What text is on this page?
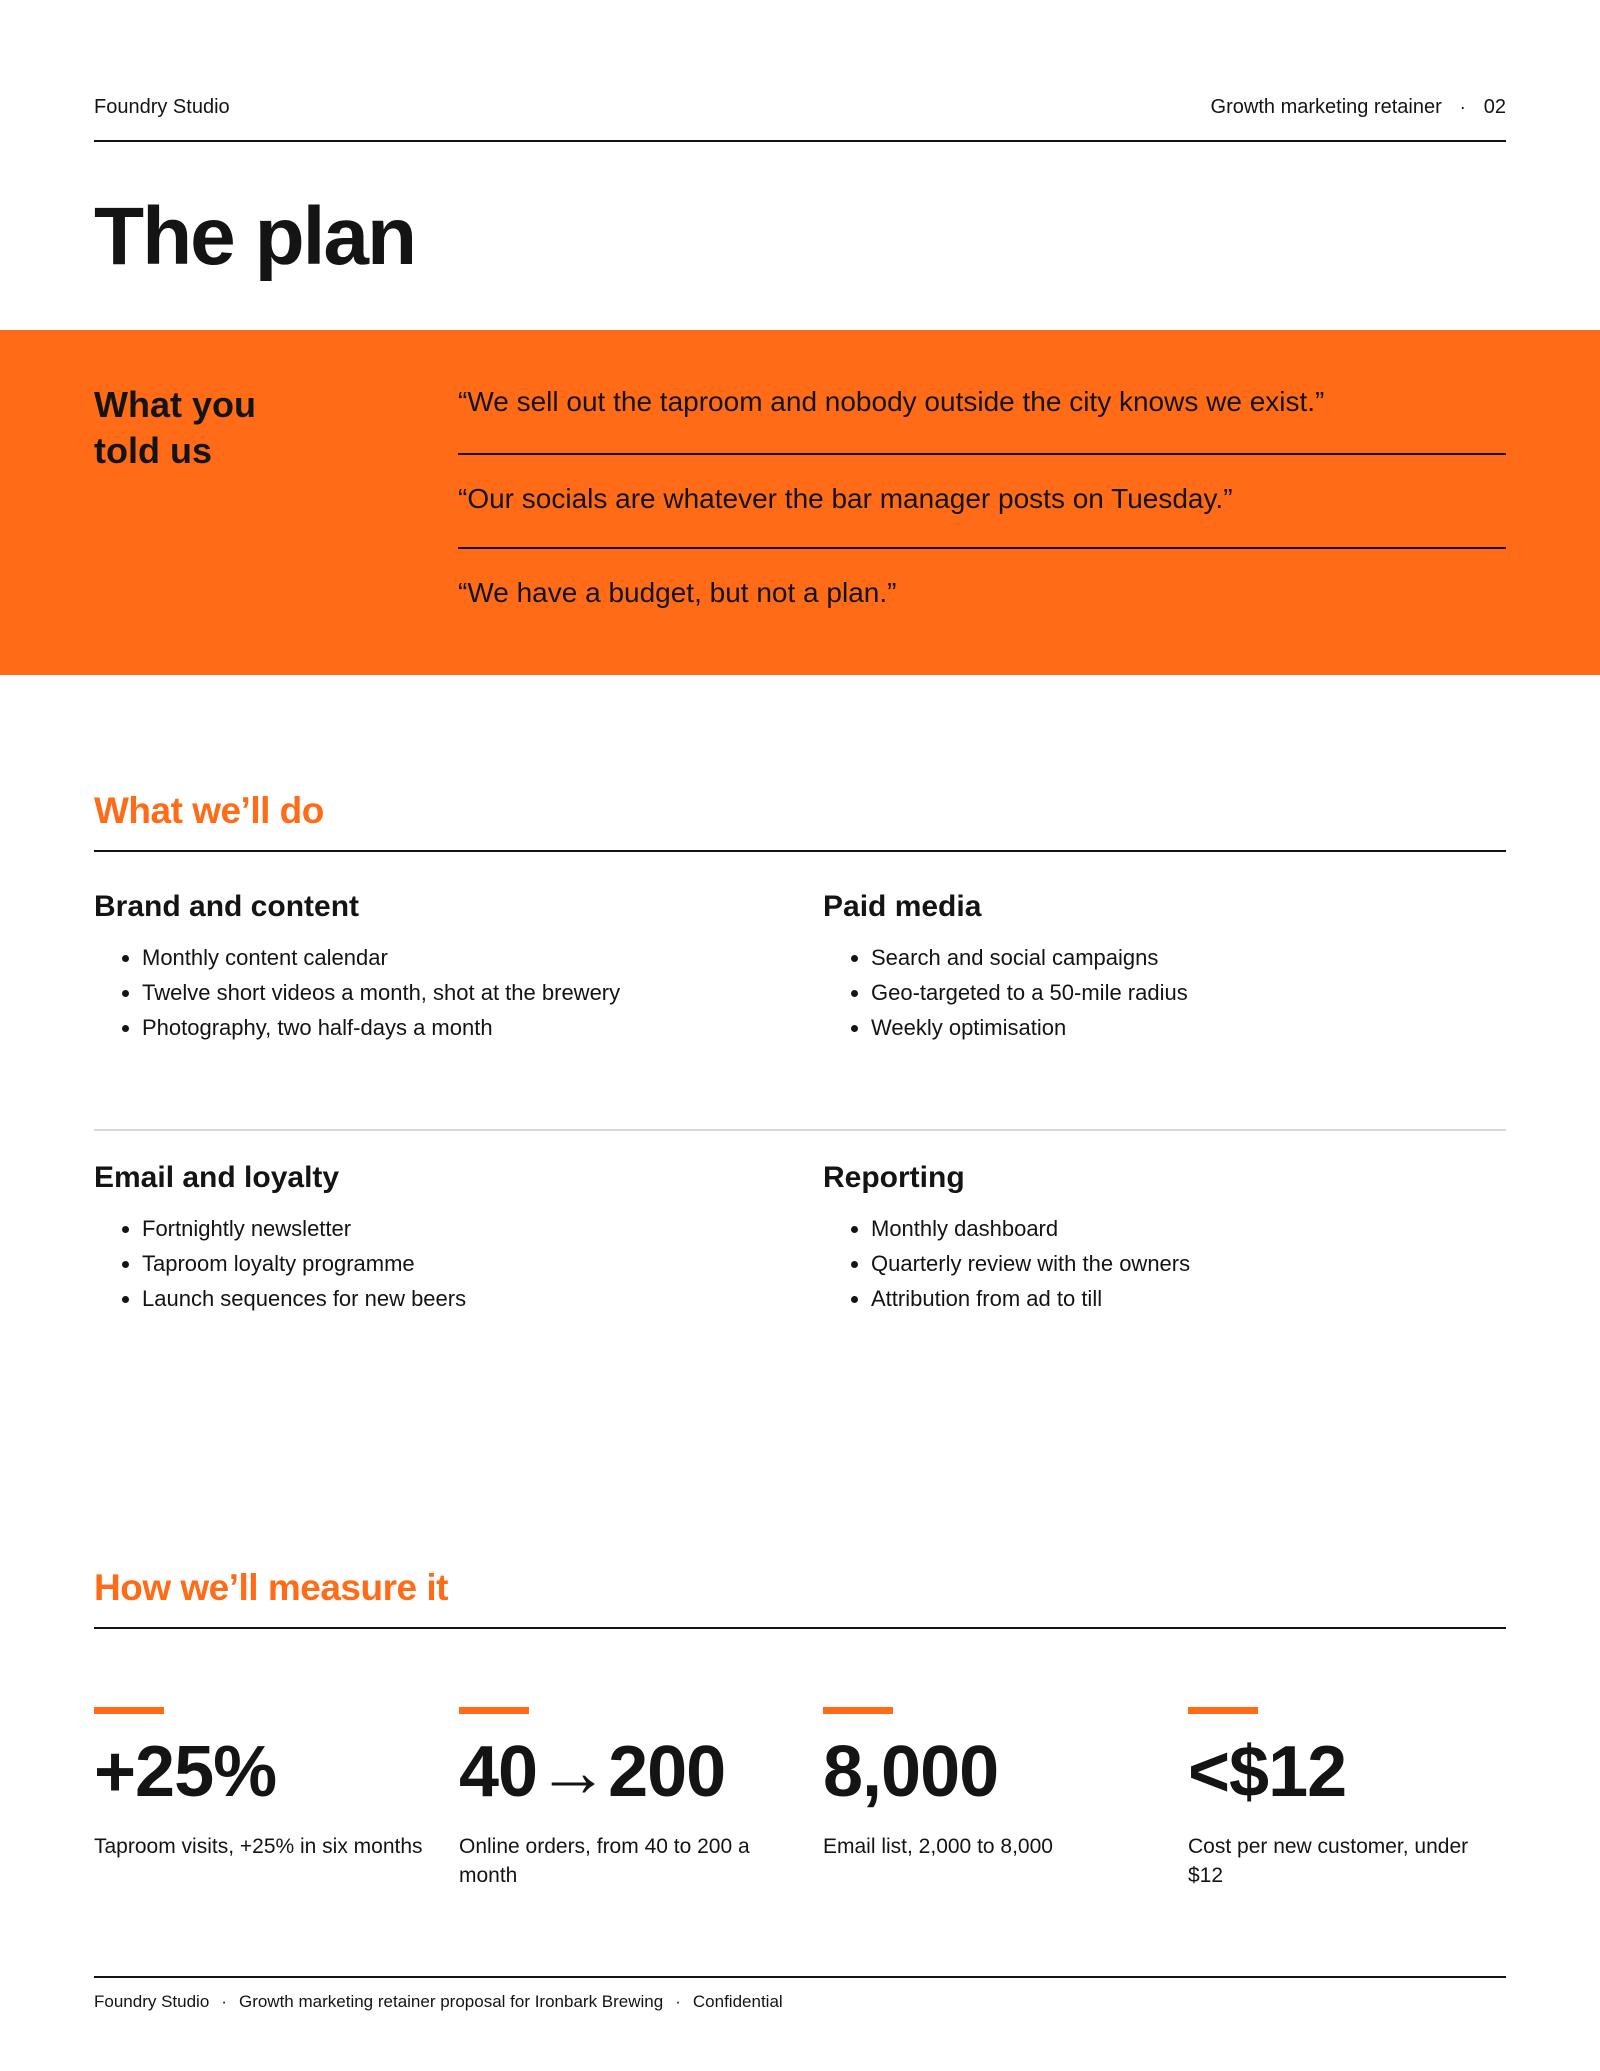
Foundry Studio	Growth marketing retainer	· 02
The plan
What you
told us
“We sell out the taproom and nobody outside the city knows we exist.”
“Our socials are whatever the bar manager posts on Tuesday.”
“We have a budget, but not a plan.”
What we’ll do
Brand and content
• Monthly content calendar
• Twelve short videos a month, shot at the brewery
• Photography, two half-days a month
Paid media
• Search and social campaigns
• Geo-targeted to a 50-mile radius
• Weekly optimisation
Email and loyalty
• Fortnightly newsletter
• Taproom loyalty programme
• Launch sequences for new beers
Reporting
• Monthly dashboard
• Quarterly review with the owners
• Attribution from ad to till
How we’ll measure it
+25%
Taproom visits, +25% in six months
40→200
Online orders, from 40 to 200 a month
8,000
Email list, 2,000 to 8,000
<$12
Cost per new customer, under $12
Foundry Studio · Growth marketing retainer proposal for Ironbark Brewing · Confidential
